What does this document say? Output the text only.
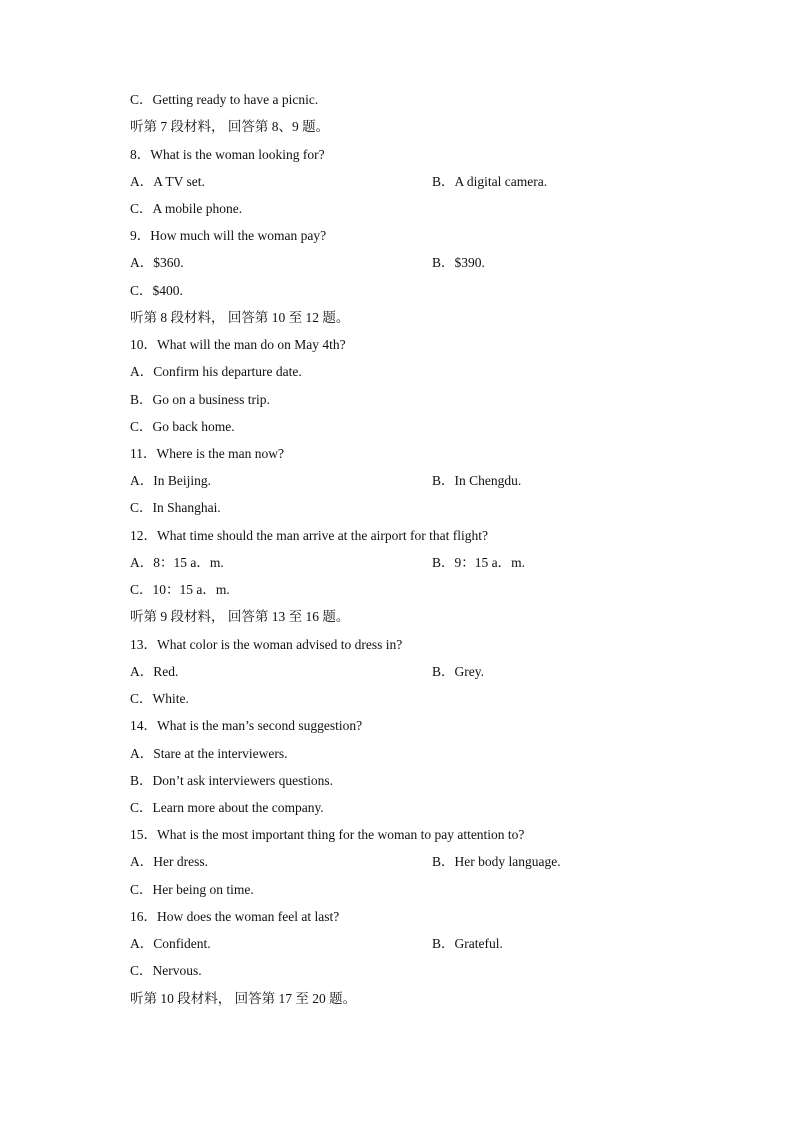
C．Getting ready to have a picnic.
听第 7 段材料， 回答第 8、9 题。
8．What is the woman looking for?
A．A TV set.	B．A digital camera.
C．A mobile phone.
9．How much will the woman pay?
A．$360.	B．$390.
C．$400.
听第 8 段材料， 回答第 10 至 12 题。
10．What will the man do on May 4th?
A．Confirm his departure date.
B．Go on a business trip.
C．Go back home.
11．Where is the man now?
A．In Beijing.	B．In Chengdu.
C．In Shanghai.
12．What time should the man arrive at the airport for that flight?
A．8：15 a．m.	B．9：15 a．m.
C．10：15 a．m.
听第 9 段材料， 回答第 13 至 16 题。
13．What color is the woman advised to dress in?
A．Red.	B．Grey.
C．White.
14．What is the man’s second suggestion?
A．Stare at the interviewers.
B．Don’t ask interviewers questions.
C．Learn more about the company.
15．What is the most important thing for the woman to pay attention to?
A．Her dress.	B．Her body language.
C．Her being on time.
16．How does the woman feel at last?
A．Confident.	B．Grateful.
C．Nervous.
听第 10 段材料， 回答第 17 至 20 题。
